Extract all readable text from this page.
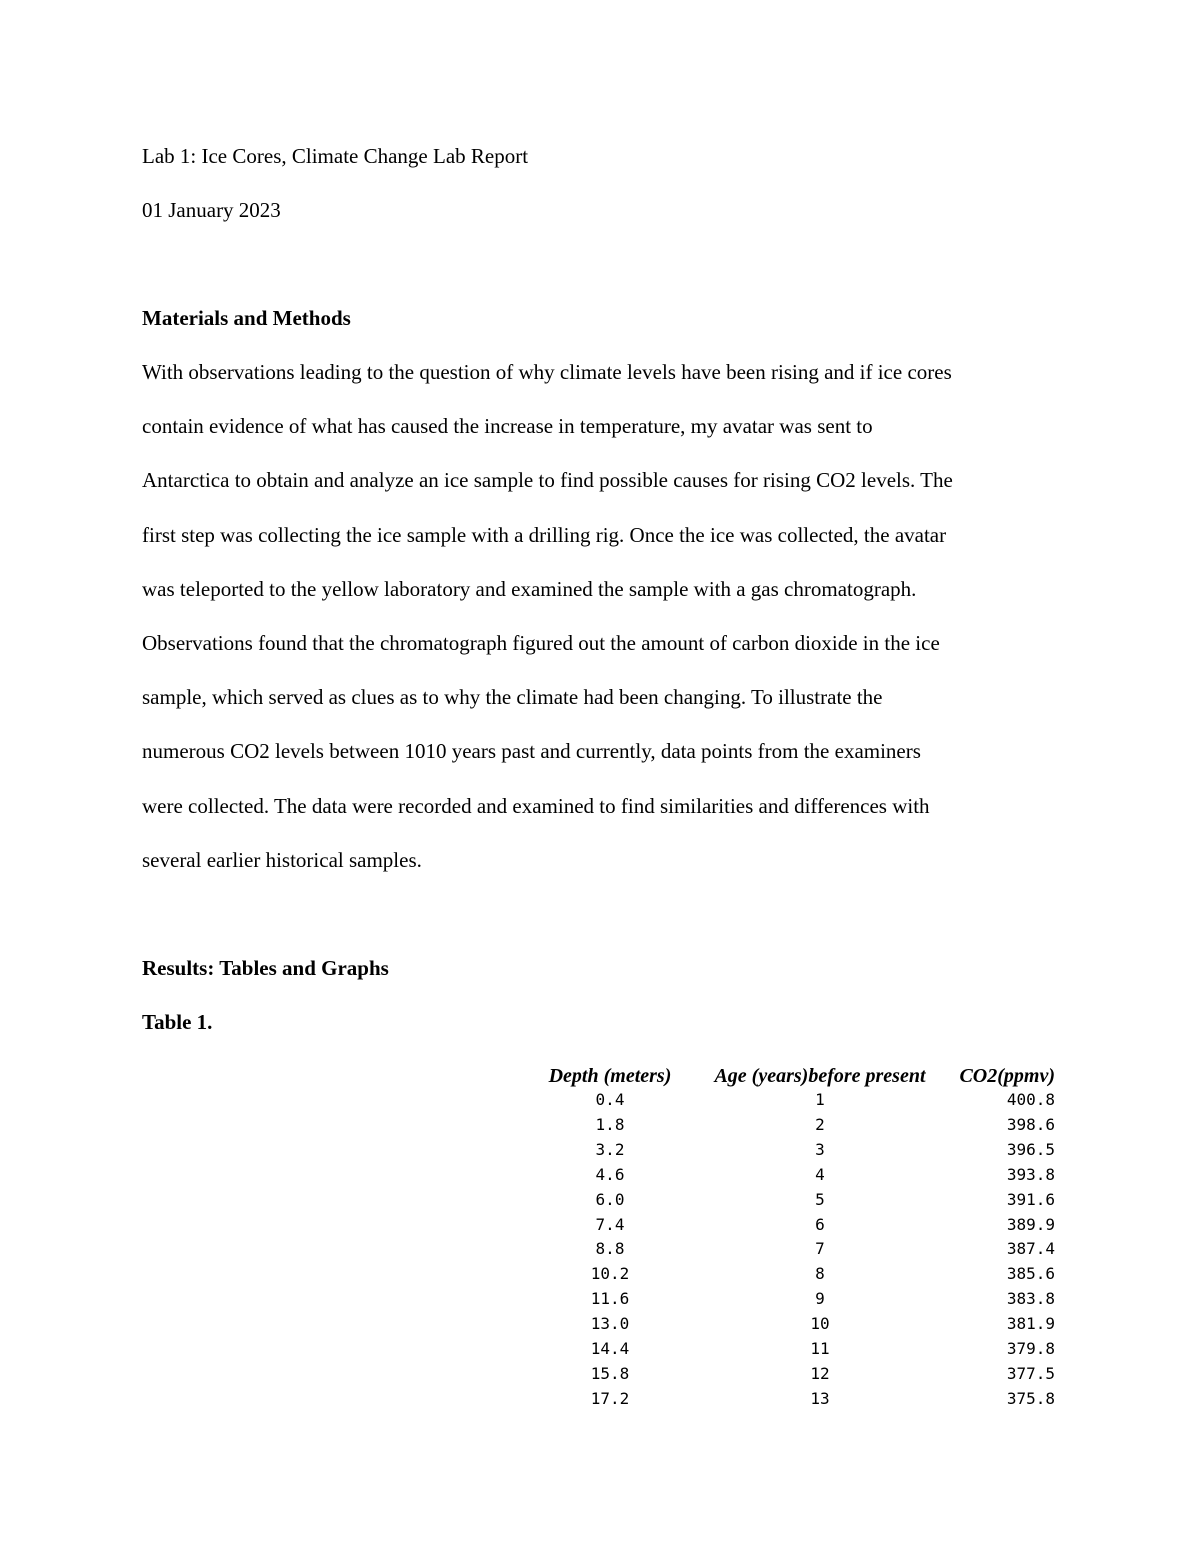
Lab 1: Ice Cores, Climate Change Lab Report
01 January 2023
Materials and Methods
With observations leading to the question of why climate levels have been rising and if ice cores
contain evidence of what has caused the increase in temperature, my avatar was sent to
Antarctica to obtain and analyze an ice sample to find possible causes for rising CO2 levels. The
first step was collecting the ice sample with a drilling rig. Once the ice was collected, the avatar
was teleported to the yellow laboratory and examined the sample with a gas chromatograph.
Observations found that the chromatograph figured out the amount of carbon dioxide in the ice
sample, which served as clues as to why the climate had been changing. To illustrate the
numerous CO2 levels between 1010 years past and currently, data points from the examiners
were collected. The data were recorded and examined to find similarities and differences with
several earlier historical samples.
Results: Tables and Graphs
Table 1.
Depth (meters)	Age (years)before present	CO2(ppmv)
0.4	1	400.8
1.8	2	398.6
3.2	3	396.5
4.6	4	393.8
6.0	5	391.6
7.4	6	389.9
8.8	7	387.4
10.2	8	385.6
11.6	9	383.8
13.0	10	381.9
14.4	11	379.8
15.8	12	377.5
17.2	13	375.8
